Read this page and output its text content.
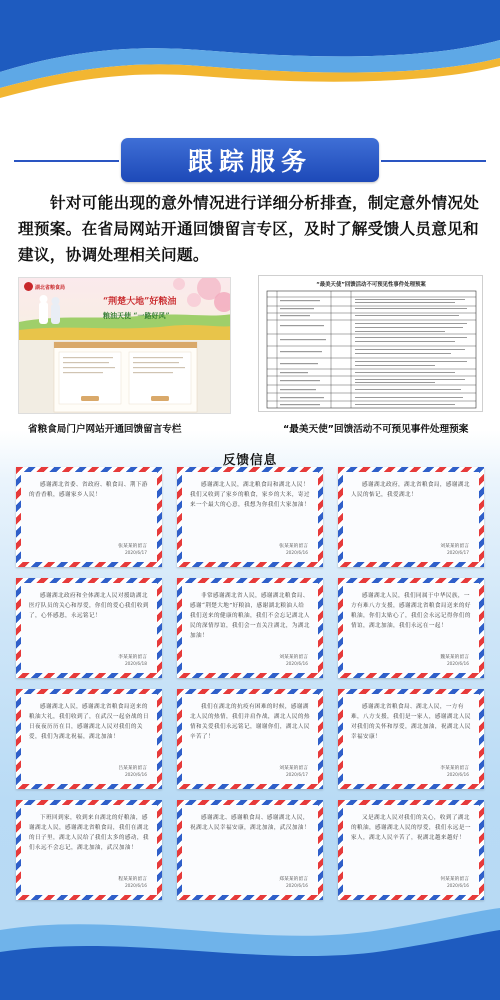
跟踪服务
针对可能出现的意外情况进行详细分析排查，制定意外情况处理预案。在省局网站开通回馈留言专区，及时了解受馈人员意见和建议，协调处理相关问题。
湖北省粮食局
“荆楚大地”好粮油
粮油天使 “一路好风”
“最美天使”回馈活动不可预见性事件处理预案
省粮食局门户网站开通回馈留言专栏	“最美天使”回馈活动不可预见事件处理预案
反馈信息
感谢湖北省委、省政府、粮食局、荆下游的香香粮，感谢家乡人民！
张某某的留言
2020/6/17
感谢湖北人民，湖北粮食局和湖北人民！我们又收到了家乡的粮食，家乡的大米，寄过来一个最大的心意，我想为你我们大家加油！
张某某的留言
2020/6/16
感谢湖北政府，湖北省粮食局，感谢湖北人民的惦记，我爱湖北！
刘某某的留言
2020/6/17
感谢湖北政府和全体湖北人民对援助湖北医疗队员的关心和厚爱，你们的爱心我们收到了，心怀感恩，永远铭记！
李某某的留言
2020/6/18
非常感谢湖北省人民，感谢湖北粮食局、感谢“荆楚大地”好粮油，感谢湖北粮油人给我们送来的健康的粮油，我们不会忘记湖北人民的深情厚谊，我们会一直关注湖北，为湖北加油！
刘某某的留言
2020/6/16
感谢湖北人民，我们同属于中华民族，一方有难八方支援，感谢湖北省粮食局送来的好粮油，你们太贴心了，我们会永远记得你们的情谊，湖北加油，我们永远在一起！
魏某某的留言
2020/6/16
感谢湖北人民，感谢湖北省粮食局送来的粮油大礼，我们收到了，在武汉一起奋战的日日夜夜历历在目，感谢湖北人民对我们的关爱，我们为湖北祝福，湖北加油！
吕某某的留言
2020/6/16
我们在湖北的抗疫有困难的时候，感谢湖北人民的热情，我们并肩作战，湖北人民的热情和关爱我们永远铭记，谢谢你们，湖北人民辛苦了！
刘某某的留言
2020/6/17
感谢湖北省粮食局、湖北人民，一方有难，八方支援，我们是一家人，感谢湖北人民对我们的关怀和厚爱，湖北加油，祝湖北人民幸福安康！
李某某的留言
2020/6/16
下班回到家，收到来自湖北的好粮油，感谢湖北人民，感谢湖北省粮食局，我们在湖北的日子里，湖北人民给了我们太多的感动，我们永远不会忘记，湖北加油，武汉加油！
程某某的留言
2020/6/16
感谢湖北、感谢粮食局、感谢湖北人民，祝湖北人民幸福安康，湖北加油，武汉加油！
郑某某的留言
2020/6/16
又是湖北人民对我们的关心，收到了湖北的粮油，感谢湖北人民的厚爱，我们永远是一家人，湖北人民辛苦了，祝湖北越来越好！
何某某的留言
2020/6/16
